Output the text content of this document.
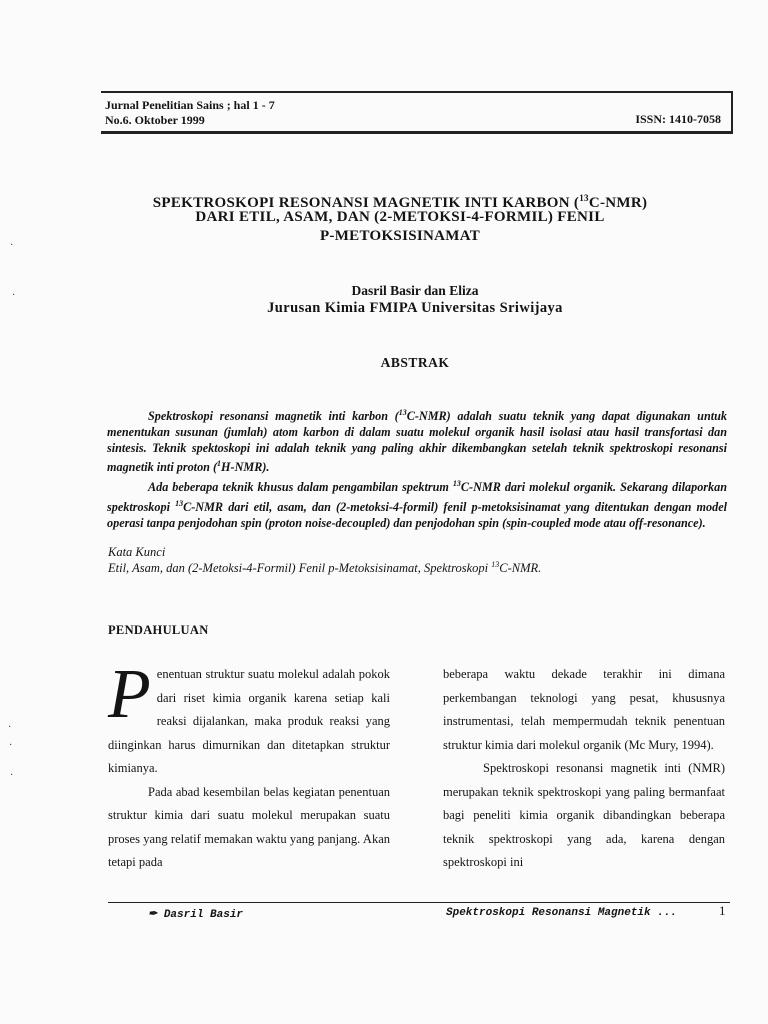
Jurnal Penelitian Sains ; hal 1 - 7
No.6. Oktober 1999	ISSN: 1410-7058
SPEKTROSKOPI RESONANSI MAGNETIK INTI KARBON ($^{13}$C-NMR)
DARI ETIL, ASAM, DAN (2-METOKSI-4-FORMIL) FENIL
P-METOKSISINAMAT
Dasril Basir dan Eliza
Jurusan Kimia FMIPA Universitas Sriwijaya
ABSTRAK

Spektroskopi resonansi magnetik inti karbon ($^{13}$C-NMR) adalah suatu teknik yang dapat digunakan untuk menentukan susunan (jumlah) atom karbon di dalam suatu molekul organik hasil isolasi atau hasil transfortasi dan sintesis. Teknik spektoskopi ini adalah teknik yang paling akhir dikembangkan setelah teknik spektroskopi resonansi magnetik inti proton ($^1$H-NMR).

Ada beberapa teknik khusus dalam pengambilan spektrum $^{13}$C-NMR dari molekul organik. Sekarang dilaporkan spektroskopi $^{13}$C-NMR dari etil, asam, dan (2-metoksi-4-formil) fenil p-metoksisinamat yang ditentukan dengan model operasi tanpa penjodohan spin (proton noise-decoupled) dan penjodohan spin (spin-coupled mode atau off-resonance).

Kata Kunci
Etil, Asam, dan (2-Metoksi-4-Formil) Fenil p-Metoksisinamat, Spektroskopi $^{13}$C-NMR.
PENDAHULUAN

Penentuan struktur suatu molekul adalah pokok dari riset kimia organik karena setiap kali reaksi dijalankan, maka produk reaksi yang diinginkan harus dimurnikan dan ditetapkan struktur kimianya.

Pada abad kesembilan belas kegiatan penentuan struktur kimia dari suatu molekul merupakan suatu proses yang relatif memakan waktu yang panjang. Akan tetapi pada

beberapa waktu dekade terakhir ini dimana perkembangan teknologi yang pesat, khususnya instrumentasi, telah mempermudah teknik penentuan struktur kimia dari molekul organik (Mc Mury, 1994).

Spektroskopi resonansi magnetik inti (NMR) merupakan teknik spektroskopi yang paling bermanfaat bagi peneliti kimia organik dibandingkan beberapa teknik spektroskopi yang ada, karena dengan spektroskopi ini

✒ Dasril Basir	Spektroskopi Resonansi Magnetik ...	1
·
·
·
·
·
